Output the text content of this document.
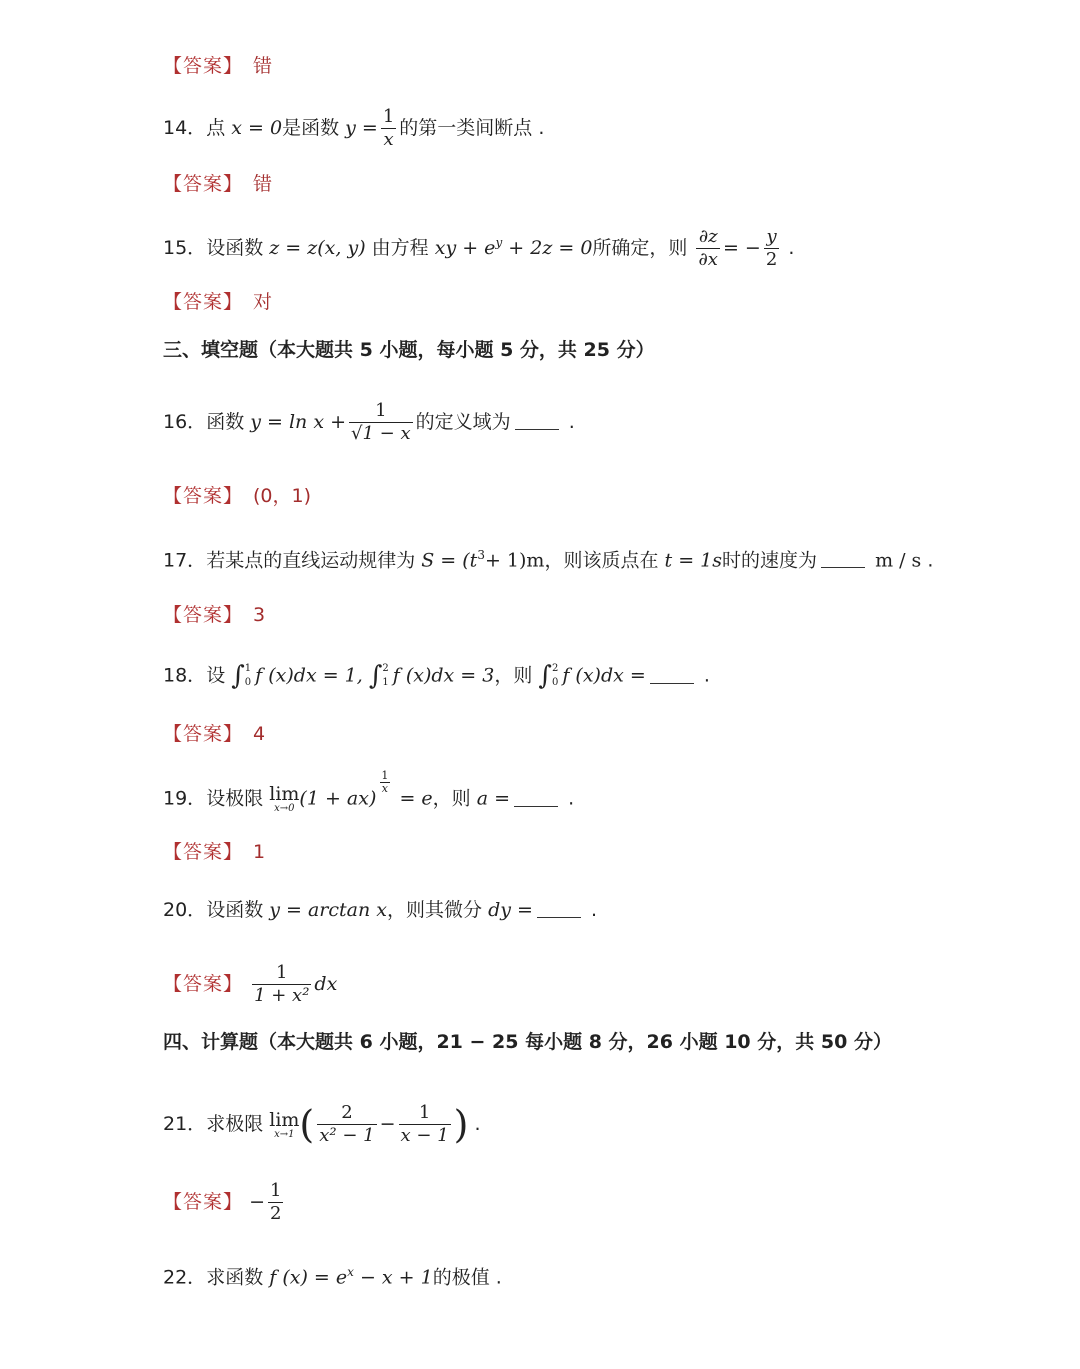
【答案】 错
14．点 x = 0是函数 $y = \frac{1}{x}$ 的第一类间断点 .
【答案】 错
15．设函数 z = z(x, y) 由方程 xy + $e^y + 2z = 0$所确定，则 $\frac{\partial z}{\partial x}$ = − $\frac{y}{2}$ .
【答案】 对
三、填空题（本大题共 5 小题，每小题 5 分，共 25 分）
16．函数 $y = \ln x + \frac{1}{√1 - x}$ 的定义域为	.
【答案】 (0，1)
17．若某点的直线运动规律为 $S = (t^3+ 1)m$，则该质点在 t = 1s时的速度为	m / s .
【答案】 3
18．设 ∫ 1
0 f (x)dx = 1, ∫ 2
1 f (x)dx = 3，则 ∫ 2
0 f (x)dx =	.
【答案】 4
19．设极限 lim
x→0 (1 + ax)
$\frac{1}{x}$
= e，则 a =	.
【答案】 1
20．设函数 y = arctan x，则其微分 dy =	.
【答案】 $\frac{1}{\text{1 + x²}}$ dx
四、计算题（本大题共 6 小题，21 − 25 每小题 8 分，26 小题 10 分，共 50 分）
21．求极限 lim
x→1 ( $\frac{2}{\text{x² − 1}} - \frac{1}{x - 1}$ ) .
【答案】 − $\frac{1}{2}$
22．求函数 f $(x) = e^x - x + 1$的极值 .
